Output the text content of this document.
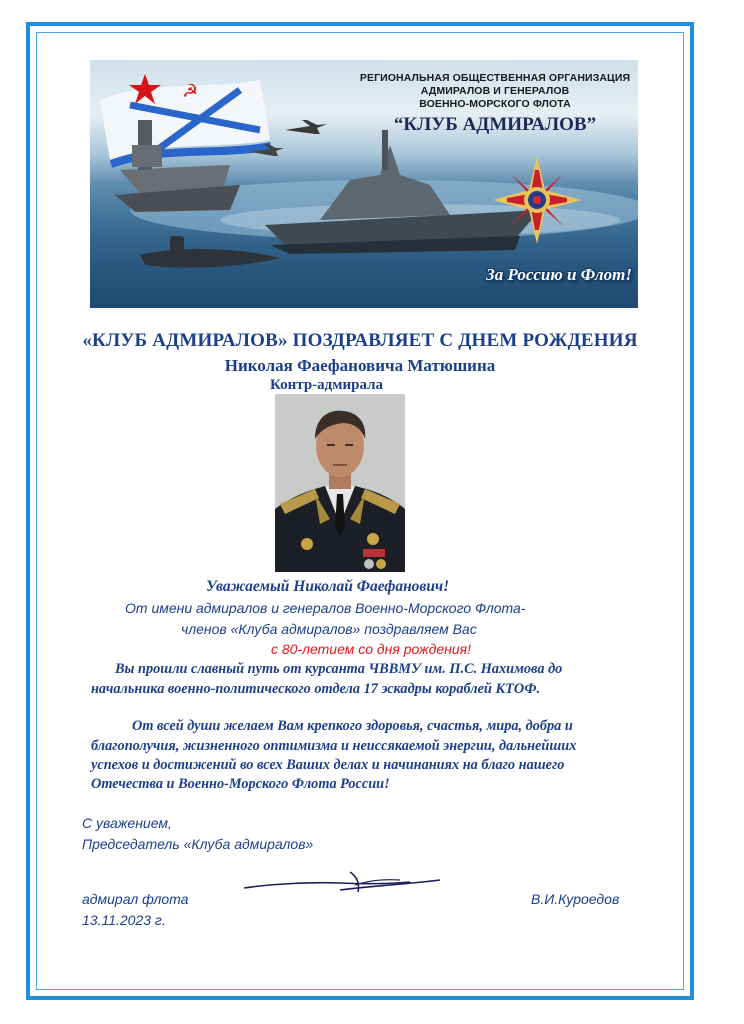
☭
РЕГИОНАЛЬНАЯ ОБЩЕСТВЕННАЯ ОРГАНИЗАЦИЯ
АДМИРАЛОВ И ГЕНЕРАЛОВ
ВОЕННО-МОРСКОГО ФЛОТА
“КЛУБ АДМИРАЛОВ”
За Россию и Флот!
«КЛУБ АДМИРАЛОВ» ПОЗДРАВЛЯЕТ С ДНЕМ РОЖДЕНИЯ
Николая Фаефановича Матюшина
Контр-адмирала
Уважаемый Николай Фаефанович!
От имени адмиралов и генералов Военно-Морского Флота-
членов «Клуба адмиралов» поздравляем Вас
с 80-летием со дня рождения!
Вы прошли славный путь от курсанта ЧВВМУ им. П.С. Нахимова до
начальника военно-политического отдела 17 эскадры кораблей КТОФ.
От всей души желаем Вам крепкого здоровья, счастья, мира, добра и
благополучия, жизненного оптимизма и неиссякаемой энергии, дальнейших
успехов и достижений во всех Ваших делах и начинаниях на благо нашего
Отечества и Военно-Морского Флота России!
С уважением,
Председатель «Клуба адмиралов»
адмирал флота
13.11.2023 г.
В.И.Куроедов
